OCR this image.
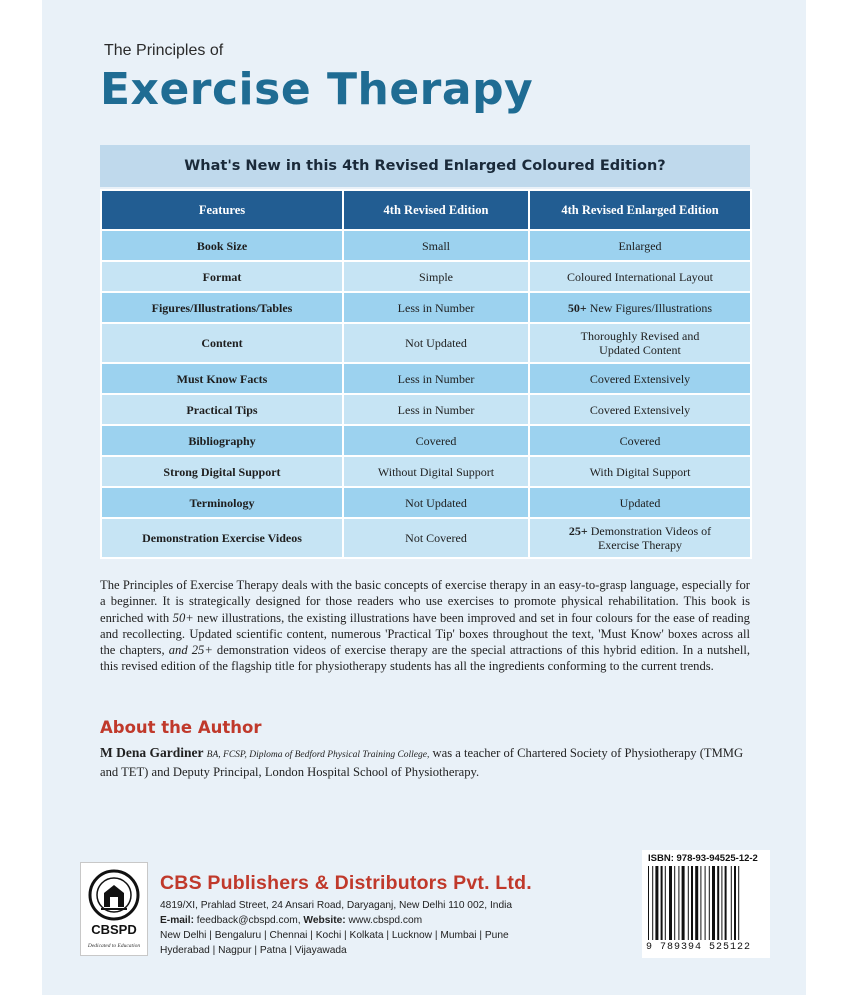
The Principles of
Exercise Therapy
What's New in this 4th Revised Enlarged Coloured Edition?
Features	4th Revised Edition	4th Revised Enlarged Edition
Book Size	Small	Enlarged
Format	Simple	Coloured International Layout
Figures/Illustrations/Tables	Less in Number	50+ New Figures/Illustrations
Content	Not Updated	Thoroughly Revised and
Updated Content
Must Know Facts	Less in Number	Covered Extensively
Practical Tips	Less in Number	Covered Extensively
Bibliography	Covered	Covered
Strong Digital Support	Without Digital Support	With Digital Support
Terminology	Not Updated	Updated
Demonstration Exercise Videos	Not Covered	25+ Demonstration Videos of
Exercise Therapy
The Principles of Exercise Therapy deals with the basic concepts of exercise therapy in an easy-to-grasp language, especially for a beginner. It is strategically designed for those readers who use exercises to promote physical rehabilitation. This book is enriched with 50+ new illustrations, the existing illustrations have been improved and set in four colours for the ease of reading and recollecting. Updated scientific content, numerous 'Practical Tip' boxes throughout the text, 'Must Know' boxes across all the chapters, and 25+ demonstration videos of exercise therapy are the special attractions of this hybrid edition. In a nutshell, this revised edition of the flagship title for physiotherapy students has all the ingredients conforming to the current trends.
About the Author
M Dena Gardiner BA, FCSP, Diploma of Bedford Physical Training College, was a teacher of Chartered Society of Physiotherapy (TMMG and TET) and Deputy Principal, London Hospital School of Physiotherapy.
CBSPD
Dedicated to Education
CBS Publishers & Distributors Pvt. Ltd.
4819/XI, Prahlad Street, 24 Ansari Road, Daryaganj, New Delhi 110 002, India
E-mail: feedback@cbspd.com, Website: www.cbspd.com
New Delhi | Bengaluru | Chennai | Kochi | Kolkata | Lucknow | Mumbai | Pune
Hyderabad | Nagpur | Patna | Vijayawada
ISBN: 978-93-94525-12-2
9 789394 525122
